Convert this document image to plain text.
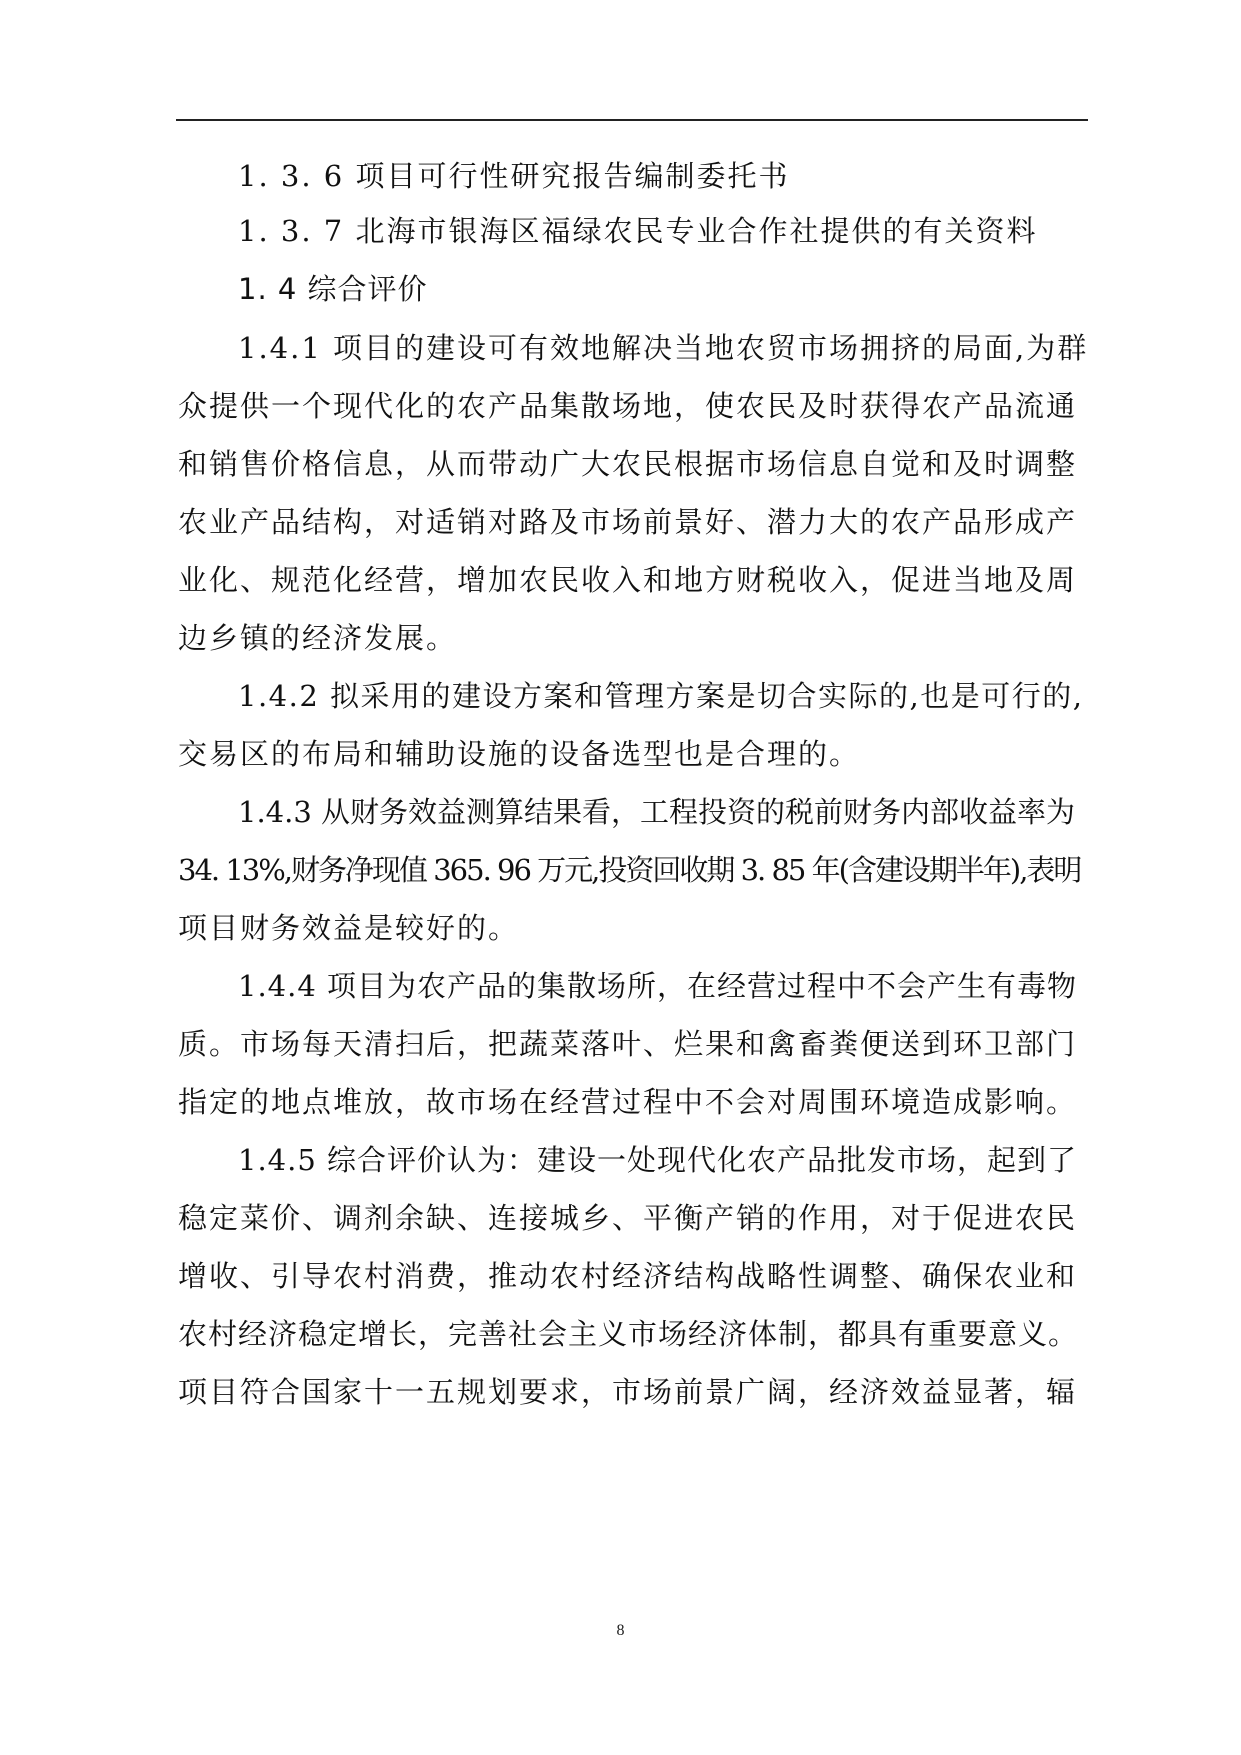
1. 3. 6 项目可行性研究报告编制委托书
1. 3. 7 北海市银海区福绿农民专业合作社提供的有关资料
1. 4 综合评价
1.4.1 项目的建设可有效地解决当地农贸市场拥挤的局面,为群
众提供一个现代化的农产品集散场地，使农民及时获得农产品流通
和销售价格信息，从而带动广大农民根据市场信息自觉和及时调整
农业产品结构，对适销对路及市场前景好、潜力大的农产品形成产
业化、规范化经营，增加农民收入和地方财税收入，促进当地及周
边乡镇的经济发展。
1.4.2 拟采用的建设方案和管理方案是切合实际的,也是可行的,
交易区的布局和辅助设施的设备选型也是合理的。
1.4.3 从财务效益测算结果看，工程投资的税前财务内部收益率为
34. 13%,财务净现值 365. 96 万元,投资回收期 3. 85 年(含建设期半年),表明
项目财务效益是较好的。
1.4.4 项目为农产品的集散场所，在经营过程中不会产生有毒物
质。市场每天清扫后，把蔬菜落叶、烂果和禽畜粪便送到环卫部门
指定的地点堆放，故市场在经营过程中不会对周围环境造成影响。
1.4.5 综合评价认为：建设一处现代化农产品批发市场，起到了
稳定菜价、调剂余缺、连接城乡、平衡产销的作用，对于促进农民
增收、引导农村消费，推动农村经济结构战略性调整、确保农业和
农村经济稳定增长，完善社会主义市场经济体制，都具有重要意义。
项目符合国家十一五规划要求，市场前景广阔，经济效益显著，辐
8
